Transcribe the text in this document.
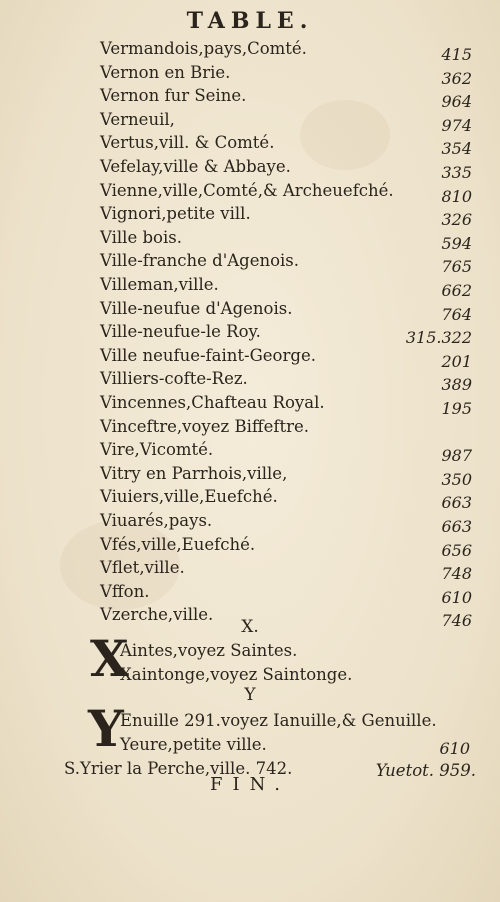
TABLE.
Vermandois,pays,Comté.	415
Vernon en Brie.	362
Vernon fur Seine.	964
Verneuil,	974
Vertus,vill. & Comté.	354
Vefelay,ville & Abbaye.	335
Vienne,ville,Comté,& Archeuefché.	810
Vignori,petite vill.	326
Ville bois.	594
Ville-franche d'Agenois.	765
Villeman,ville.	662
Ville-neufue d'Agenois.	764
Ville-neufue-le Roy.	315.322
Ville neufue-faint-George.	201
Villiers-cofte-Rez.	389
Vincennes,Chafteau Royal.	195
Vinceftre,voyez Biffeftre.
Vire,Vicomté.	987
Vitry en Parrhois,ville,	350
Viuiers,ville,Euefché.	663
Viuarés,pays.	663
Vfés,ville,Euefché.	656
Vflet,ville.	748
Vffon.	610
Vzerche,ville.	746
X.
X
Aintes,voyez Saintes.
Xaintonge,voyez Saintonge.
Y
Y
Enuille 291.voyez Ianuille,& Genuille.
Yeure,petite ville.	610
S.Yrier la Perche,ville. 742.	Yuetot. 959.
FIN.
